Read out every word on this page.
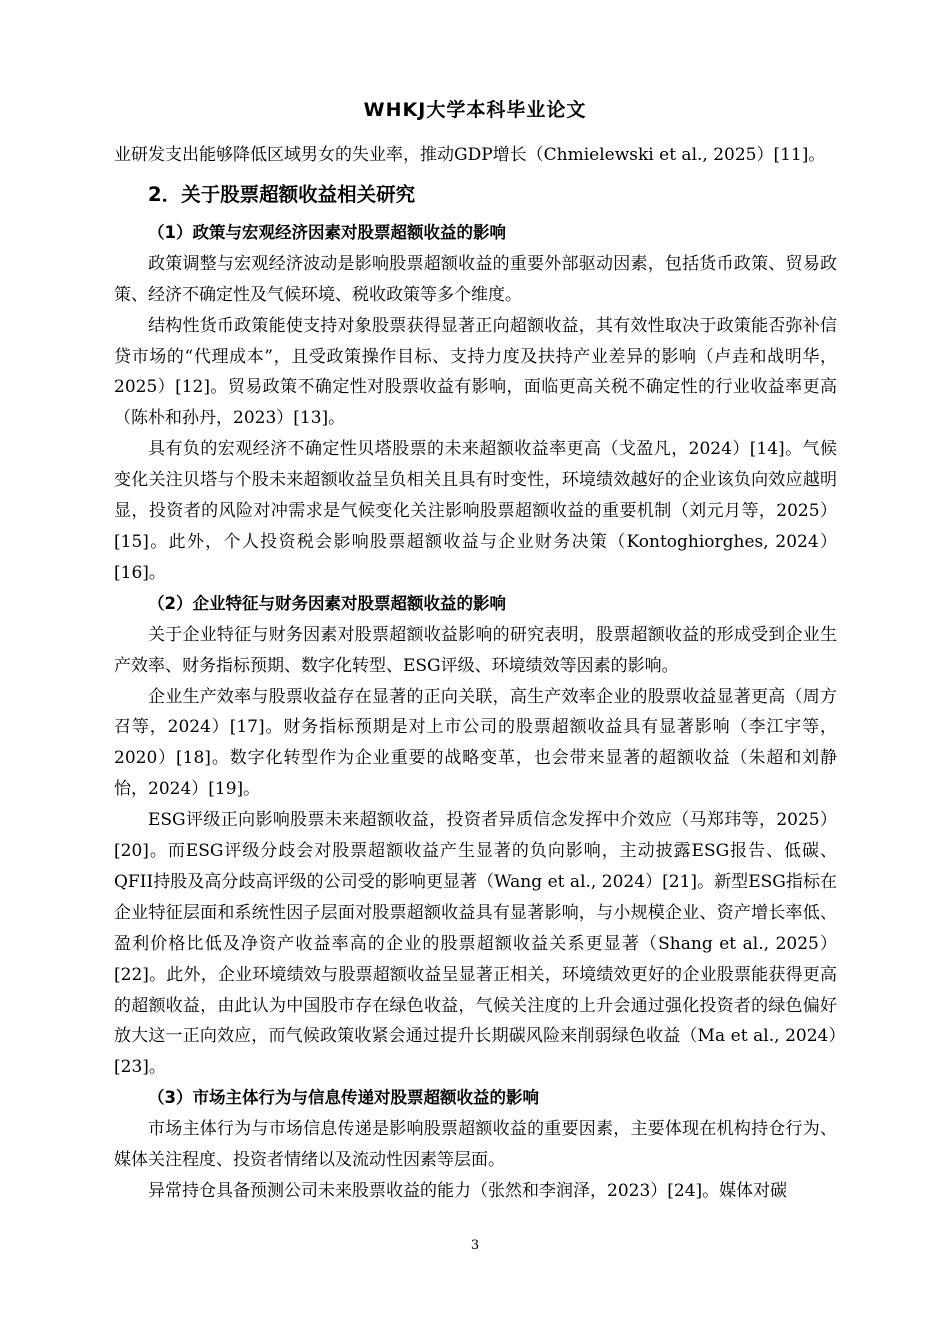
WHKJ大学本科毕业论文

业研发支出能够降低区域男女的失业率，推动GDP增长（Chmielewski et al., 2025）[11]。

2．关于股票超额收益相关研究
（1）政策与宏观经济因素对股票超额收益的影响

政策调整与宏观经济波动是影响股票超额收益的重要外部驱动因素，包括货币政策、贸易政策、经济不确定性及气候环境、税收政策等多个维度。

结构性货币政策能使支持对象股票获得显著正向超额收益，其有效性取决于政策能否弥补信贷市场的“代理成本”，且受政策操作目标、支持力度及扶持产业差异的影响（卢垚和战明华，2025）[12]。贸易政策不确定性对股票收益有影响，面临更高关税不确定性的行业收益率更高（陈朴和孙丹，2023）[13]。

具有负的宏观经济不确定性贝塔股票的未来超额收益率更高（戈盈凡，2024）[14]。气候变化关注贝塔与个股未来超额收益呈负相关且具有时变性，环境绩效越好的企业该负向效应越明显，投资者的风险对冲需求是气候变化关注影响股票超额收益的重要机制（刘元月等，2025）[15]。此外，个人投资税会影响股票超额收益与企业财务决策（Kontoghiorghes, 2024）[16]。

（2）企业特征与财务因素对股票超额收益的影响

关于企业特征与财务因素对股票超额收益影响的研究表明，股票超额收益的形成受到企业生产效率、财务指标预期、数字化转型、ESG评级、环境绩效等因素的影响。

企业生产效率与股票收益存在显著的正向关联，高生产效率企业的股票收益显著更高（周方召等，2024）[17]。财务指标预期是对上市公司的股票超额收益具有显著影响（李江宇等，2020）[18]。数字化转型作为企业重要的战略变革，也会带来显著的超额收益（朱超和刘静怡，2024）[19]。

ESG评级正向影响股票未来超额收益，投资者异质信念发挥中介效应（马郑玮等，2025）[20]。而ESG评级分歧会对股票超额收益产生显著的负向影响，主动披露ESG报告、低碳、QFII持股及高分歧高评级的公司受的影响更显著（Wang et al., 2024）[21]。新型ESG指标在企业特征层面和系统性因子层面对股票超额收益具有显著影响，与小规模企业、资产增长率低、盈利价格比低及净资产收益率高的企业的股票超额收益关系更显著（Shang et al., 2025）[22]。此外，企业环境绩效与股票超额收益呈显著正相关，环境绩效更好的企业股票能获得更高的超额收益，由此认为中国股市存在绿色收益，气候关注度的上升会通过强化投资者的绿色偏好放大这一正向效应，而气候政策收紧会通过提升长期碳风险来削弱绿色收益（Ma et al., 2024）[23]。

（3）市场主体行为与信息传递对股票超额收益的影响

市场主体行为与市场信息传递是影响股票超额收益的重要因素，主要体现在机构持仓行为、媒体关注程度、投资者情绪以及流动性因素等层面。

异常持仓具备预测公司未来股票收益的能力（张然和李润泽，2023）[24]。媒体对碳

3
